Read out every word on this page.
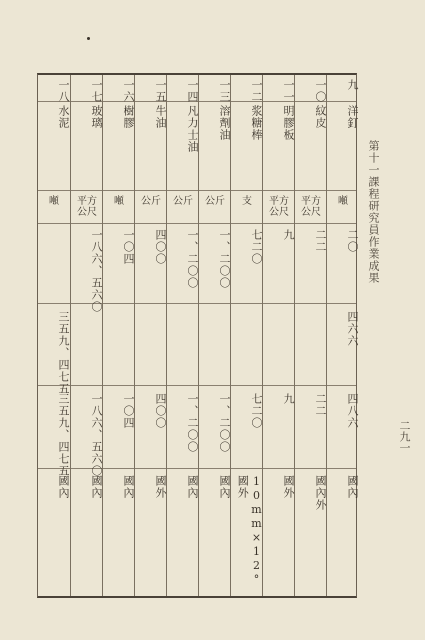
九
洋釘
噸
二〇
四六六
四八六
國內
一〇
紋皮
平方
公尺
二二
二二
國內外
一一
明膠板
平方
公尺
九
九
國外
一二
浆糖棒
支
七二〇
七二〇
10mm×12°國外
一三
溶劑油
公斤
一、二〇〇
一、二〇〇
國內
一四
凡力士油
公斤
一、二〇〇
一、二〇〇
國內
一五
牛油
公斤
四〇〇
四〇〇
國外
一六
樹膠
噸
一〇四
一〇四
國內
一七
玻璃
平方
公尺
一八六、五六〇
一八六、五六〇
國內
一八
水泥
噸
三五九、四七五
三五九、四七五
國內
第十一課程研究員作業成果
二九一
